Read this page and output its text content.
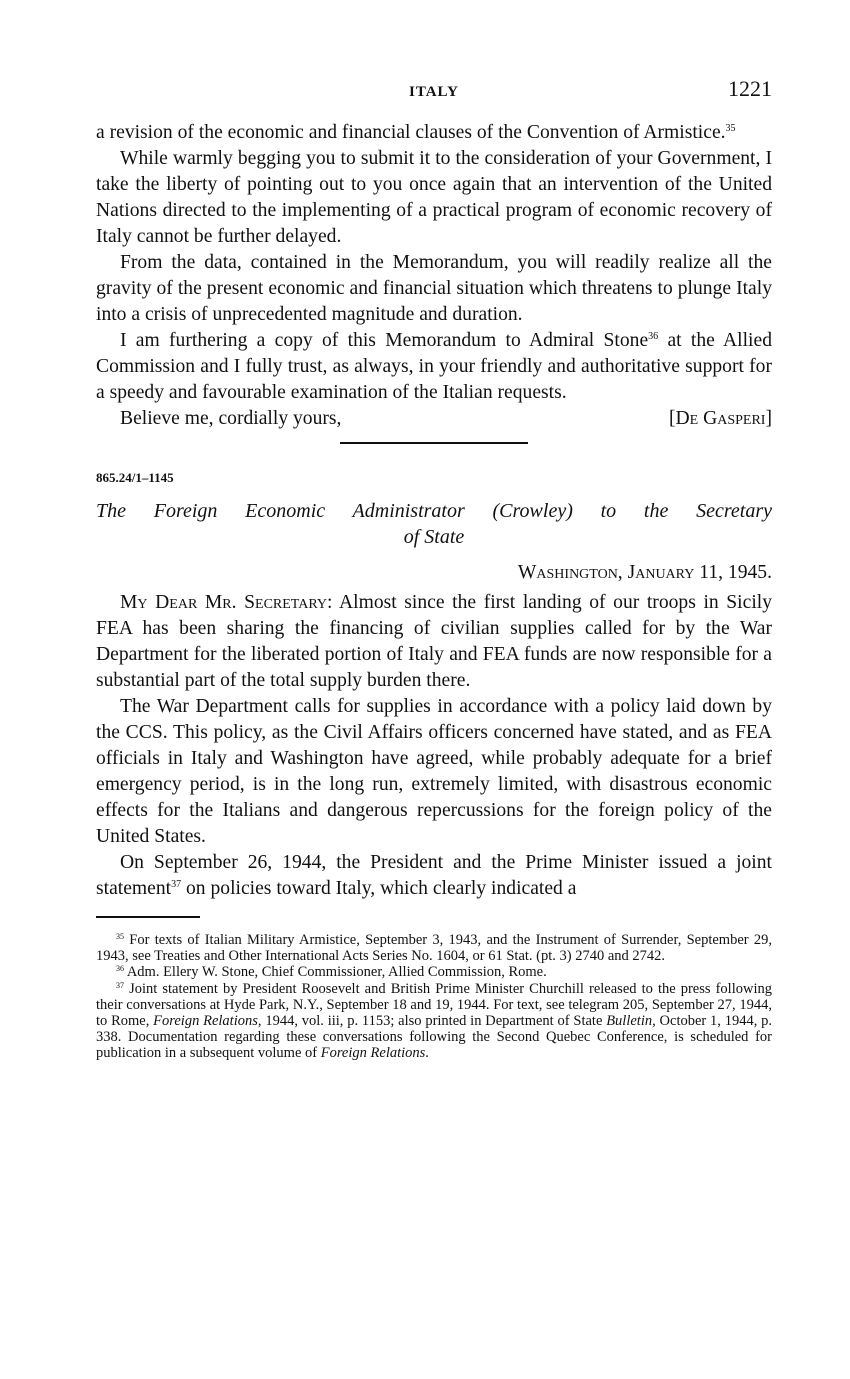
ITALY	1221

a revision of the economic and financial clauses of the Convention of Armistice.$^{35}$

While warmly begging you to submit it to the consideration of your Government, I take the liberty of pointing out to you once again that an intervention of the United Nations directed to the implementing of a practical program of economic recovery of Italy cannot be further delayed.

From the data, contained in the Memorandum, you will readily realize all the gravity of the present economic and financial situation which threatens to plunge Italy into a crisis of unprecedented magnitude and duration.

I am furthering a copy of this Memorandum to Admiral Stone$^{36}$ at the Allied Commission and I fully trust, as always, in your friendly and authoritative support for a speedy and favourable examination of the Italian requests.

Believe me, cordially yours,	[De Gasperi]
865.24/1–1145
The Foreign Economic Administrator (Crowley) to the Secretary
of State
Washington, January 11, 1945.

My Dear Mr. Secretary: Almost since the first landing of our troops in Sicily FEA has been sharing the financing of civilian supplies called for by the War Department for the liberated portion of Italy and FEA funds are now responsible for a substantial part of the total supply burden there.

The War Department calls for supplies in accordance with a policy laid down by the CCS. This policy, as the Civil Affairs officers concerned have stated, and as FEA officials in Italy and Washington have agreed, while probably adequate for a brief emergency period, is in the long run, extremely limited, with disastrous economic effects for the Italians and dangerous repercussions for the foreign policy of the United States.

On September 26, 1944, the President and the Prime Minister issued a joint statement$^{37}$ on policies toward Italy, which clearly indicated a

$^{35}$ For texts of Italian Military Armistice, September 3, 1943, and the Instrument of Surrender, September 29, 1943, see Treaties and Other International Acts Series No. 1604, or 61 Stat. (pt. 3) 2740 and 2742.

$^{36}$ Adm. Ellery W. Stone, Chief Commissioner, Allied Commission, Rome.

$^{37}$ Joint statement by President Roosevelt and British Prime Minister Churchill released to the press following their conversations at Hyde Park, N.Y., September 18 and 19, 1944. For text, see telegram 205, September 27, 1944, to Rome, Foreign Relations, 1944, vol. iii, p. 1153; also printed in Department of State Bulletin, October 1, 1944, p. 338. Documentation regarding these conversations following the Second Quebec Conference, is scheduled for publication in a subsequent volume of Foreign Relations.
